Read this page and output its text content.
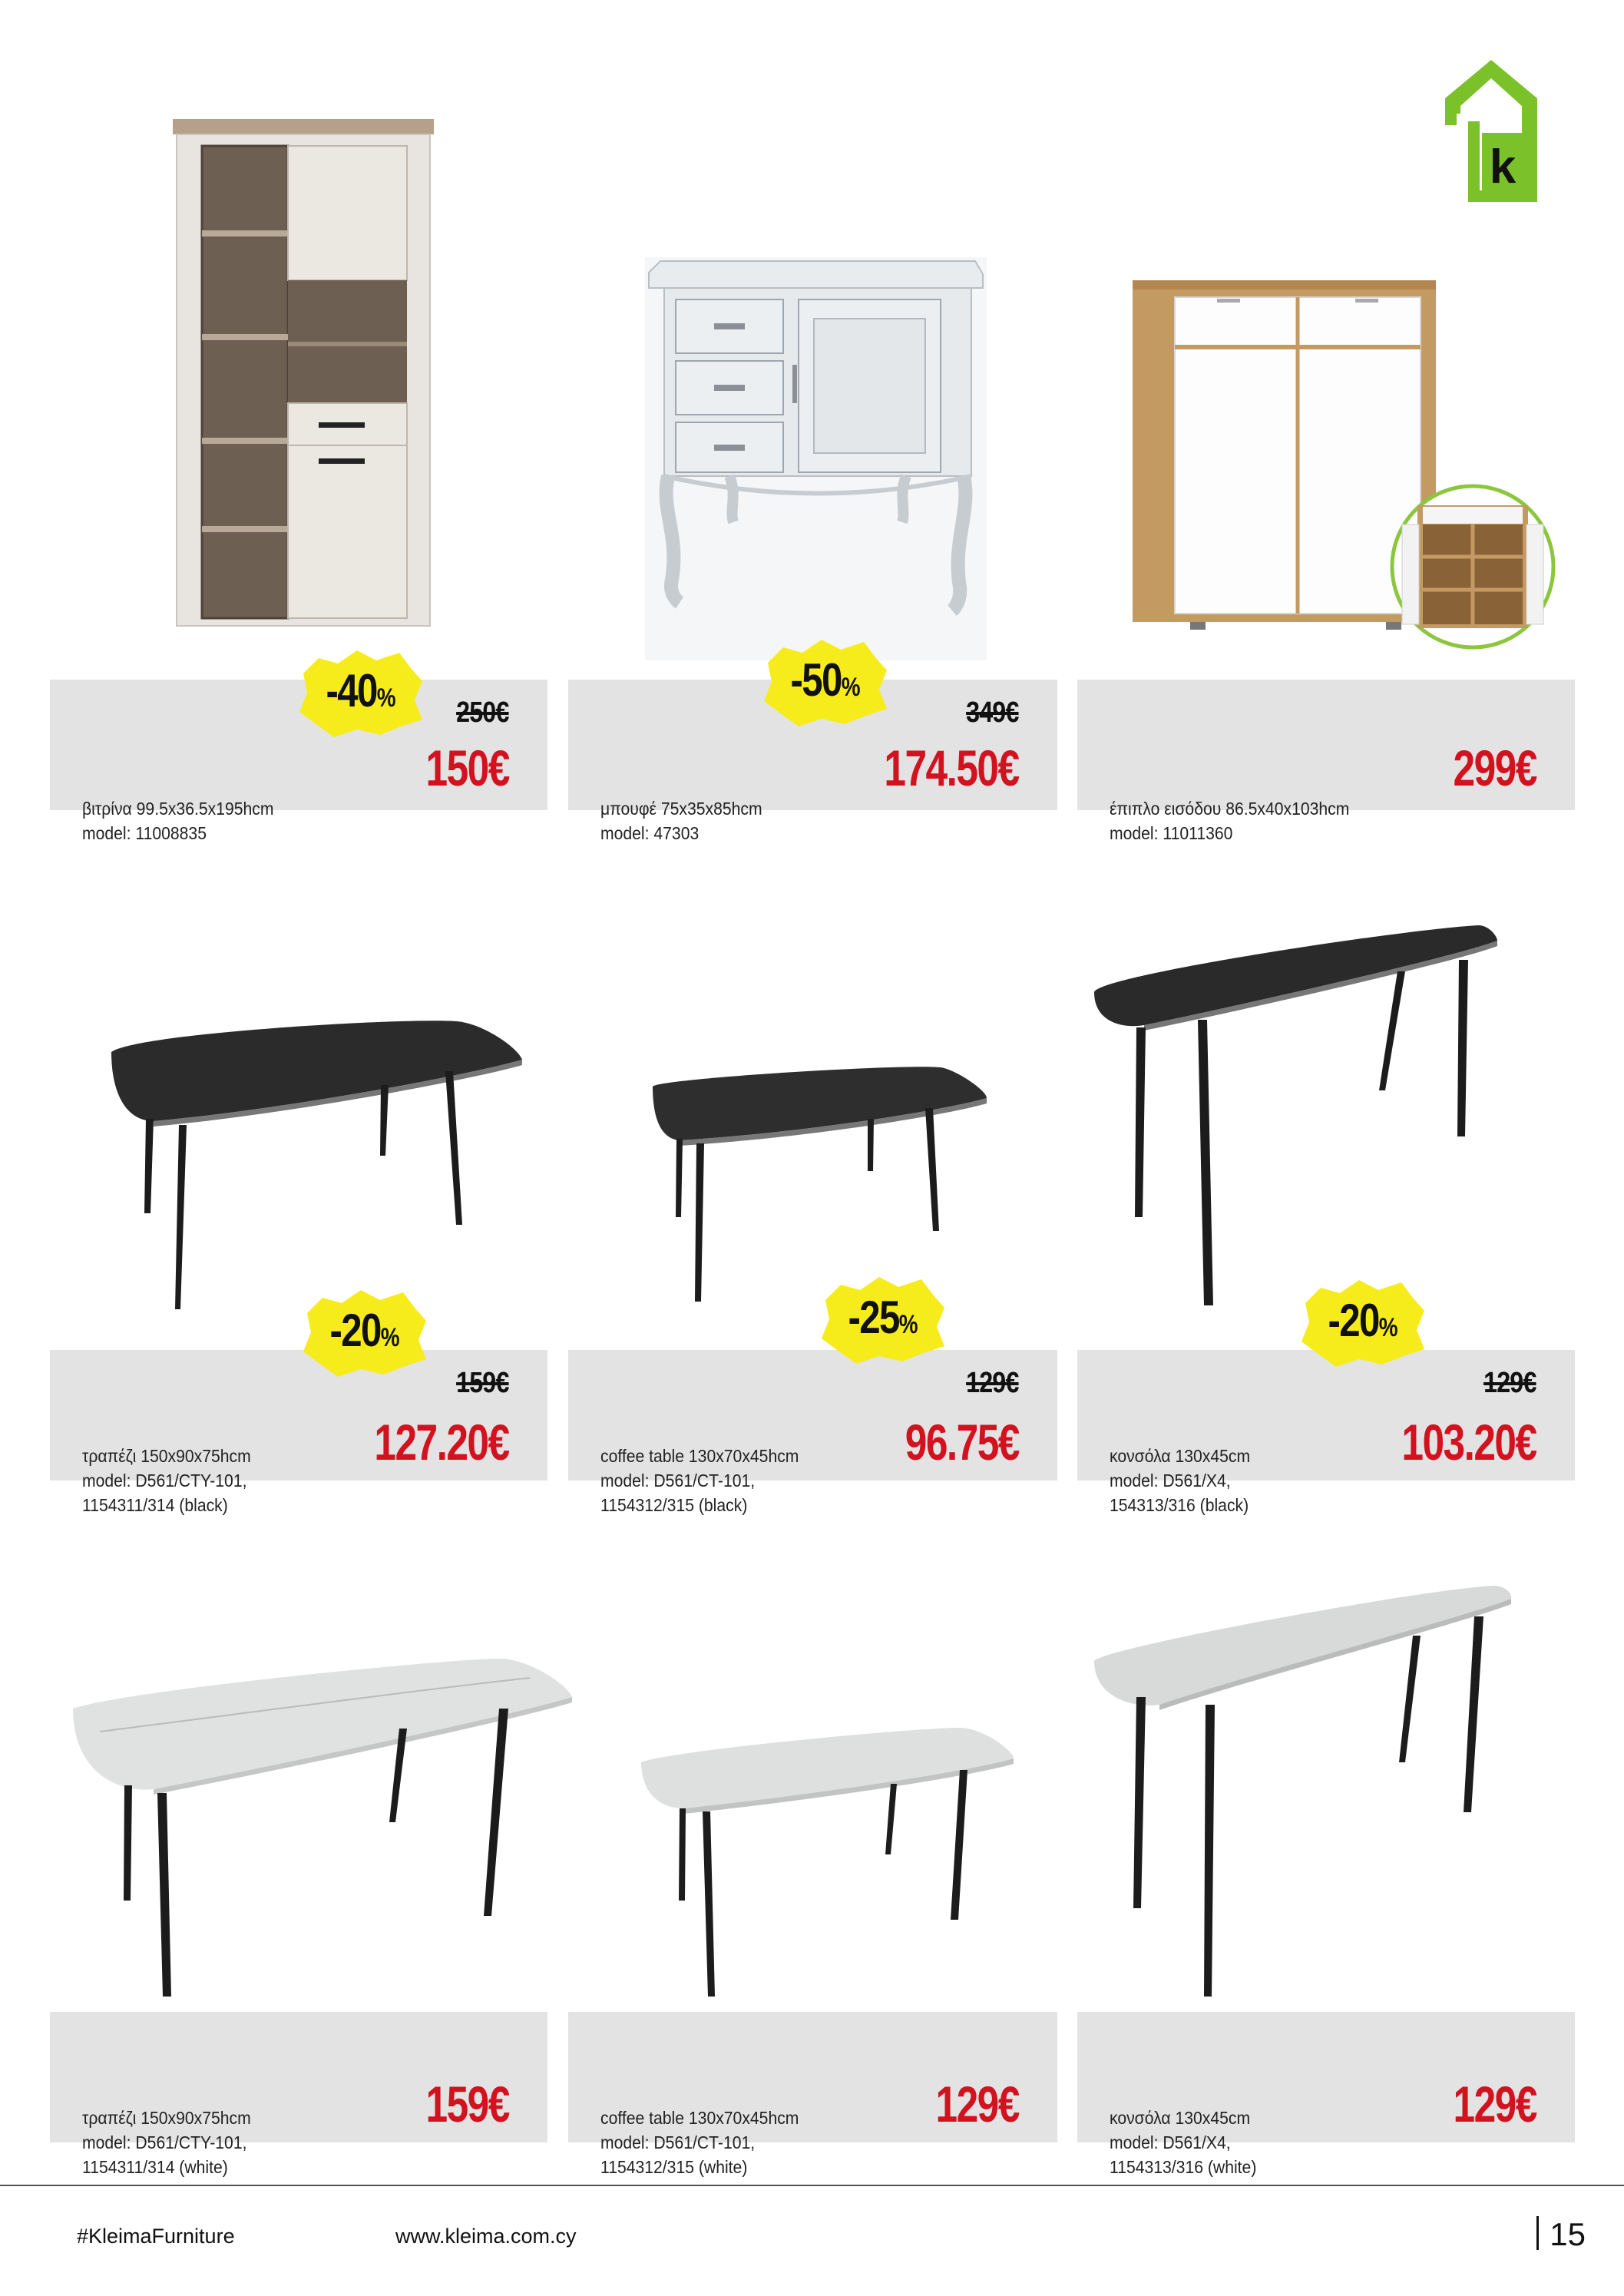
k

βιτρίνα 99.5x36.5x195hcm
model: 11008835

250€
150€

μπουφέ 75x35x85hcm
model: 47303

349€
174.50€

έπιπλο εισόδου 86.5x40x103hcm
model: 11011360

299€

τραπέζι 150x90x75hcm
model: D561/CTY-101,
1154311/314 (black)

159€
127.20€

	coffee table 130x70x45hcm
model: D561/CT-101,
1154312/315 (black)

129€
96.75€

	κονσόλα 130x45cm
model: D561/X4,
154313/316 (black)

129€
103.20€

τραπέζι 150x90x75hcm
model: D561/CTY-101,
1154311/314 (white)

159€

	coffee table 130x70x45hcm
model: D561/CT-101,
1154312/315 (white)

129€

	κονσόλα 130x45cm
model: D561/X4,
1154313/316 (white)

129€
-40%	-50%
-20%	-25%	-20%
#KleimaFurniture	www.kleima.com.cy	15
